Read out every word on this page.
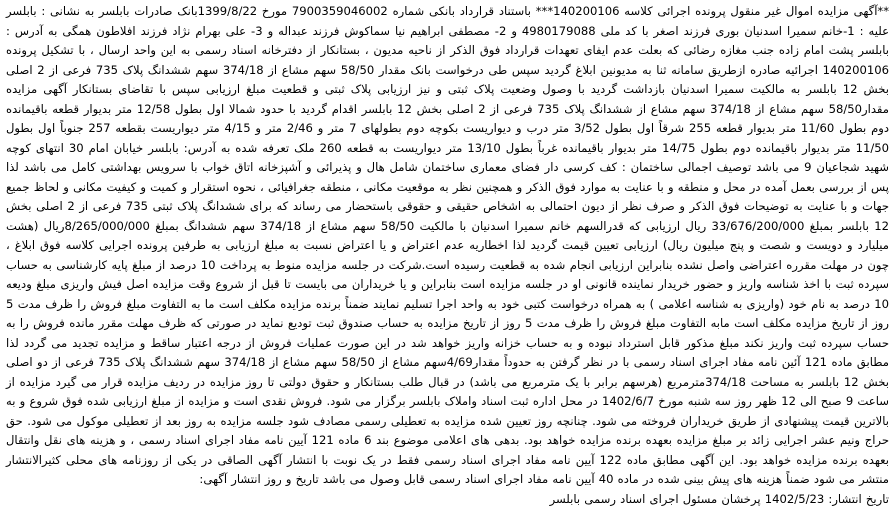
**آگهی مزایده اموال غیر منقول پرونده اجرائی کلاسه 140200106*** باستناد قرارداد بانکی شماره 7900359046002 مورخ 1399/8/22بانک صادرات بابلسر به نشانی : بابلسر علیه : 1-خانم سمیرا اسدنیان بوری فرزند اصغر با کد ملی 4980179088 و 2- مصطفی ابراهیم نیا سماکوش فرزند عبداله و 3- علی بهرام نژاد فرزند افلاطون همگی به آدرس : بابلسر پشت امام زاده جنب مغازه رضائی که بعلت عدم ایفای تعهدات قرارداد فوق الذکر از ناحیه مدیون ، بستانکار از دفترخانه اسناد رسمی به این واحد ارسال ، با تشکیل پرونده 140200106 اجرائیه صادره ازطریق سامانه ثنا به مدیونین ابلاغ گردید سپس طی درخواست بانک مقدار 58/50 سهم مشاع از 374/18 سهم ششدانگ پلاک 735 فرعی از 2 اصلی بخش 12 بابلسر به مالکیت سمیرا اسدنیان بازداشت گردید با وصول وضعیت پلاک ثبتی و نیز ارزیابی پلاک ثبتی و قطعیت مبلغ ارزیابی سپس با تقاضای بستانکار آگهی مزایده مقدار58/50 سهم مشاع از 374/18 سهم مشاع از ششدانگ پلاک 735 فرعی از 2 اصلی بخش 12 بابلسر اقدام گردید با حدود شمالا اول بطول 12/58 متر بدیوار قطعه باقیمانده دوم بطول 11/60 متر بدیوار قطعه 255 شرقاً اول بطول 3/52 متر درب و دیواریست بکوچه دوم بطولهای 7 متر و 2/46 متر و 4/15 متر دیواریست بقطعه 257 جنوباً اول بطول 11/50 متر بدیوار باقیمانده دوم بطول 14/75 متر بدیوار باقیمانده غرباً بطول 13/10 متر دیواریست به قطعه 260 ملک تعرفه شده به آدرس: بابلسر خیابان امام 30 انتهای کوچه شهید شجاعیان 9 می باشد توصیف اجمالی ساختمان : کف کرسی دار فضای معماری ساختمان شامل هال و پذیرائی و آشپزخانه اتاق خواب با سرویس بهداشتی کامل می باشد لذا پس از بررسی بعمل آمده در محل و منطقه و با عنایت به موارد فوق الذکر و همچنین نظر به موقعیت مکانی ، منطقه جغرافیائی ، نحوه استقرار و کمیت و کیفیت مکانی و لحاظ جمیع جهات و با عنایت به توضیحات فوق الذکر و صرف نظر از دیون احتمالی به اشخاص حقیقی و حقوقی باستحضار می رساند که برای ششدانگ پلاک ثبتی 735 فرعی از 2 اصلی بخش 12 بابلسر بمبلغ 33/676/200/000 ریال ارزیابی که قدرالسهم خانم سمیرا اسدنیان با مالکیت 58/50 سهم مشاع از 374/18 سهم ششدانگ بمبلغ 8/265/000/000ریال (هشت میلیارد و دویست و شصت و پنج میلیون ریال) ارزیابی تعیین قیمت گردید لذا اخطاریه عدم اعتراض و یا اعتراض نسبت به مبلغ ارزیابی به طرفین پرونده اجرایی کلاسه فوق ابلاغ ، چون در مهلت مقرره اعتراضی واصل نشده بنابراین ارزیابی انجام شده به قطعیت رسیده است.شرکت در جلسه مزایده منوط به پرداخت 10 درصد از مبلغ پایه کارشناسی به حساب سپرده ثبت با اخذ شناسه واریز و حضور خریدار نماینده قانونی او در جلسه مزایده است بنابراین و یا خریداران می بایست تا قبل از شروع وقت مزایده اصل فیش واریزی مبلغ ودیعه 10 درصد به نام خود (واریزی به شناسه اعلامی ) به همراه درخواست کتبی خود به واحد اجرا تسلیم نمایند ضمناً برنده مزایده مکلف است ما به التفاوت مبلغ فروش را ظرف مدت 5 روز از تاریخ مزایده مکلف است مابه التفاوت مبلغ فروش را ظرف مدت 5 روز از تاریخ مزایده به حساب صندوق ثبت تودیع نماید در صورتی که ظرف مهلت مقرر مانده فروش را به حساب سپرده ثبت واریز نکند مبلغ مذکور قابل استرداد نبوده و به حساب خزانه واریز خواهد شد در این صورت عملیات فروش از درجه اعتبار ساقط و مزایده تجدید می گردد لذا مطابق ماده 121 آئین نامه مفاد اجرای اسناد رسمی با در نظر گرفتن به حدوداً مقدار4/69سهم مشاع از 58/50 سهم مشاع از 374/18 سهم ششدانگ پلاک 735 فرعی از دو اصلی بخش 12 بابلسر به مساحت 374/18مترمربع (هرسهم برابر با یک مترمربع می باشد) در قبال طلب بستانکار و حقوق دولتی تا روز مزایده در ردیف مزایده قرار می گیرد مزایده از ساعت 9 صبح الی 12 ظهر روز سه شنبه مورخ 1402/6/7 در محل اداره ثبت اسناد واملاک بابلسر برگزار می شود. فروش نقدی است و مزایده از مبلغ ارزیابی شده فوق شروع و به بالاترین قیمت پیشنهادی از طریق خریداران فروخته می شود. چنانچه روز تعیین شده مزایده به تعطیلی رسمی مصادف شود جلسه مزایده به روز بعد از تعطیلی موکول می شود. حق حراج ونیم عشر اجرایی زائد بر مبلغ مزایده بعهده برنده مزایده خواهد بود. بدهی های اعلامی موضوع بند 6 ماده 121 آیین نامه مفاد اجرای اسناد رسمی ، و هزینه های نقل وانتقال بعهده برنده مزایده خواهد بود. این آگهی مطابق ماده 122 آیین نامه مفاد اجرای اسناد رسمی فقط در یک نوبت با انتشار آگهی الصاقی در یکی از روزنامه های محلی کثیرالانتشار منتشر می شود ضمناً هزینه های پیش بینی شده در ماده 40 آیین نامه مفاد اجرای اسناد رسمی قابل وصول می باشد تاریخ و روز انتشار آگهی:

تاریخ انتشار: 1402/5/23 پرخشان مسئول اجرای اسناد رسمی بابلسر
